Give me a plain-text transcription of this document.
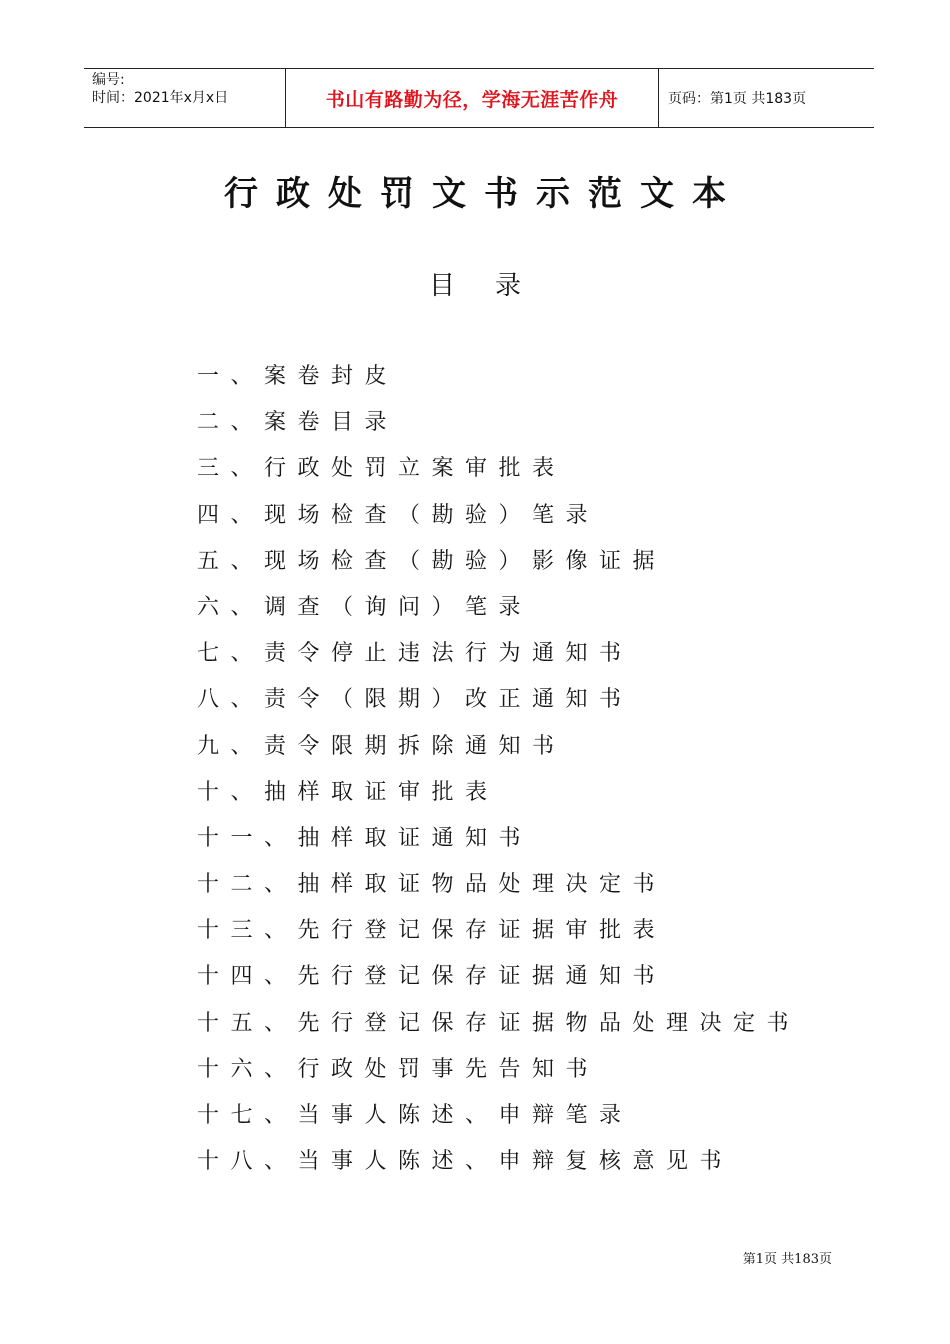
编号:
时间：2021年x月x日	书山有路勤为径，学海无涯苦作舟	页码：第1页 共183页
行政处罚文书示范文本
目录
一、案卷封皮
二、案卷目录
三、行政处罚立案审批表
四、现场检查（勘验）笔录
五、现场检查（勘验）影像证据
六、调查（询问）笔录
七、责令停止违法行为通知书
八、责令（限期）改正通知书
九、责令限期拆除通知书
十、抽样取证审批表
十一、抽样取证通知书
十二、抽样取证物品处理决定书
十三、先行登记保存证据审批表
十四、先行登记保存证据通知书
十五、先行登记保存证据物品处理决定书
十六、行政处罚事先告知书
十七、当事人陈述、申辩笔录
十八、当事人陈述、申辩复核意见书
第1页 共183页
